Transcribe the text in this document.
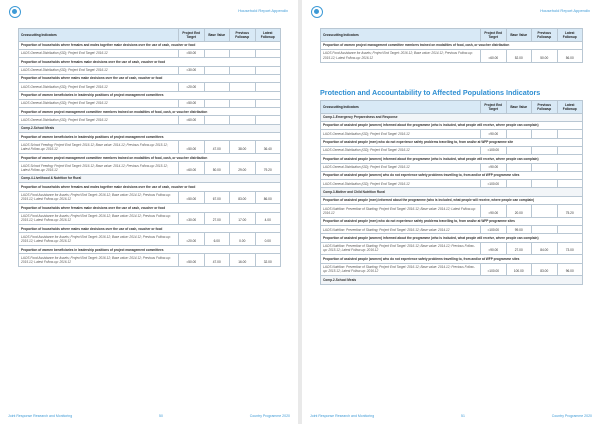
Household Report Appendix
Crosscutting Indicators	Project End Target	Base Value	Previous Followup	Latest Followup
Proportion of households where females and males together make decisions over the use of cash, voucher or food				
LAOS General Distribution (GD); Project End Target: 2016.12	=50.00			
Proportion of households where females make decisions over the use of cash, voucher or food				
LAOS General Distribution (GD); Project End Target: 2016.12	=30.00			
Proportion of households where males make decisions over the use of cash, voucher or food				
LAOS General Distribution (GD); Project End Target: 2016.12	=20.00			
Proportion of women beneficiaries in leadership positions of project management committees				
LAOS General Distribution (GD); Project End Target: 2016.12	=50.00			
Proportion of women project management committee members trained on modalities of food, cash, or voucher distribution				
LAOS General Distribution (GD); Project End Target: 2016.12	=60.00			
Comp.2-School Meals				
Proportion of women beneficiaries in leadership positions of project management committees				
LAOS School Feeding; Project End Target: 2016.12; Base value: 2014.12; Previous Follow-up: 2015.12; Latest Follow-up: 2016.12	=50.00	47.00	38.00	36.40
Proportion of women project management committee members trained on modalities of food, cash, or voucher distribution				
LAOS School Feeding; Project End Target: 2016.12; Base value: 2014.12; Previous Follow-up: 2015.12; Latest Follow-up: 2016.12	=60.00	50.00	29.00	79.20
Comp.4-Livelihood & Nutrition for Rural				
Proportion of households where females and males together make decisions over the use of cash, voucher or food				
LAOS Food Assistance for Assets; Project End Target: 2016.12; Base value: 2014.12; Previous Follow-up: 2015.12; Latest Follow-up: 2016.12	=50.00	67.00	83.00	86.00
Proportion of households where females make decisions over the use of cash, voucher or food				
LAOS Food Assistance for Assets; Project End Target: 2016.12; Base value: 2014.12; Previous Follow-up: 2015.12; Latest Follow-up: 2016.12	=30.00	27.00	17.00	4.00
Proportion of households where males make decisions over the use of cash, voucher or food				
LAOS Food Assistance for Assets; Project End Target: 2016.12; Base value: 2014.12; Previous Follow-up: 2015.12; Latest Follow-up: 2016.12	=20.00	6.00	0.00	0.00
Proportion of women beneficiaries in leadership positions of project management committees				
LAOS Food Assistance for Assets; Project End Target: 2016.12; Base value: 2014.12; Previous Follow-up: 2015.12; Latest Follow-up: 2016.12	=50.00	47.00	16.00	32.00
Joint Response Research and Monitoring	50	Country Programme 2020
Household Report Appendix
Crosscutting Indicators	Project End Target	Base Value	Previous Followup	Latest Followup
Proportion of women project management committee members trained on modalities of food, cash, or voucher distribution				
LAOS Food Assistance for Assets; Project End Target: 2016.12; Base value: 2014.12; Previous Follow-up: 2015.12; Latest Follow-up: 2016.12	=60.00	52.00	50.00	56.00
Protection and Accountability to Affected Populations Indicators
Crosscutting Indicators	Project End Target	Base Value	Previous Followup	Latest Followup
Comp.1-Emergency Preparedness and Response				
Proportion of assisted people (women) informed about the programme (who is included, what people will receive, where people can complain)				
LAOS General Distribution (GD); Project End Target: 2016.12	=90.00			
Proportion of assisted people (men) who do not experience safety problems travelling to, from and/or at WFP programme site				
LAOS General Distribution (GD); Project End Target: 2016.12	=100.00			
Proportion of assisted people (women) informed about the programme (who is included, what people will receive, where people can complain)				
LAOS General Distribution (GD); Project End Target: 2016.12	=90.00			
Proportion of assisted people (women) who do not experience safety problems travelling to, from and/or at WFP programme sites				
LAOS General Distribution (GD); Project End Target: 2016.12	=100.00			
Comp.3-Mother and Child Nutrition Rural				
Proportion of assisted people (men) informed about the programme (who is included, what people will receive, where people can complain)				
LAOS Nutrition: Prevention of Stunting; Project End Target: 2016.12; Base value: 2014.12; Latest Follow-up: 2016.12	=90.00	20.00		75.20
Proportion of assisted people (men) who do not experience safety problems travelling to, from and/or at WFP programme sites				
LAOS Nutrition: Prevention of Stunting; Project End Target: 2016.12; Base value: 2014.12	=100.00	99.00		
Proportion of assisted people (women) informed about the programme (who is included, what people will receive, where people can complain)				
LAOS Nutrition: Prevention of Stunting; Project End Target: 2016.12; Base value: 2014.12; Previous Follow-up: 2015.12; Latest Follow-up: 2016.12	=90.00	27.00	84.00	73.00
Proportion of assisted people (women) who do not experience safety problems travelling to, from and/or at WFP programme sites				
LAOS Nutrition: Prevention of Stunting; Project End Target: 2016.12; Base value: 2014.12; Previous Follow-up: 2015.12; Latest Follow-up: 2016.12	=100.00	100.00	83.00	96.00
Comp.2-School Meals				
Joint Response Research and Monitoring	51	Country Programme 2020
